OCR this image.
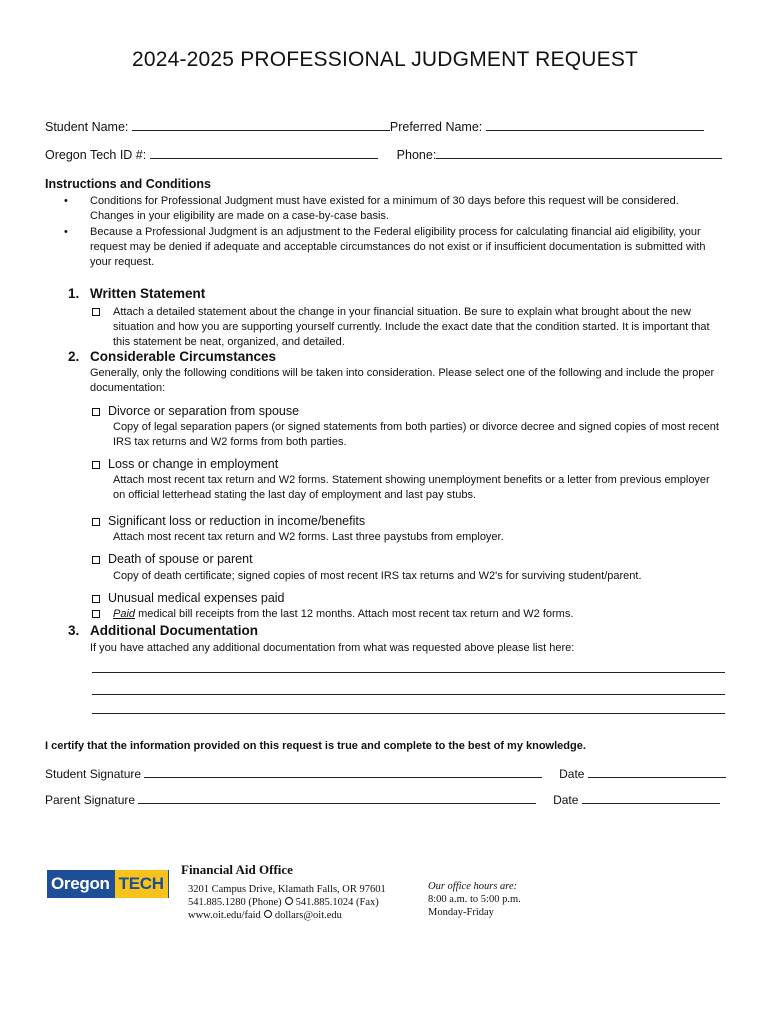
2024-2025 PROFESSIONAL JUDGMENT REQUEST
Student Name:	Preferred Name:
Oregon Tech ID #:	Phone:
Instructions and Conditions
• Conditions for Professional Judgment must have existed for a minimum of 30 days before this request will be considered. Changes in your eligibility are made on a case-by-case basis.
• Because a Professional Judgment is an adjustment to the Federal eligibility process for calculating financial aid eligibility, your request may be denied if adequate and acceptable circumstances do not exist or if insufficient documentation is submitted with your request.
1. Written Statement
Attach a detailed statement about the change in your financial situation. Be sure to explain what brought about the new situation and how you are supporting yourself currently. Include the exact date that the condition started. It is important that this statement be neat, organized, and detailed.
2. Considerable Circumstances
Generally, only the following conditions will be taken into consideration. Please select one of the following and include the proper documentation:
Divorce or separation from spouse
Copy of legal separation papers (or signed statements from both parties) or divorce decree and signed copies of most recent IRS tax returns and W2 forms from both parties.
Loss or change in employment
Attach most recent tax return and W2 forms. Statement showing unemployment benefits or a letter from previous employer on official letterhead stating the last day of employment and last pay stubs.
Significant loss or reduction in income/benefits
Attach most recent tax return and W2 forms. Last three paystubs from employer.
Death of spouse or parent
Copy of death certificate; signed copies of most recent IRS tax returns and W2's for surviving student/parent.
Unusual medical expenses paid
Paid medical bill receipts from the last 12 months. Attach most recent tax return and W2 forms.
3. Additional Documentation
If you have attached any additional documentation from what was requested above please list here:
I certify that the information provided on this request is true and complete to the best of my knowledge.
Student Signature	Date
Parent Signature	Date
Oregon TECH
Financial Aid Office
3201 Campus Drive, Klamath Falls, OR 97601
541.885.1280 (Phone) 541.885.1024 (Fax)
www.oit.edu/faid dollars@oit.edu
Our office hours are:
8:00 a.m. to 5:00 p.m.
Monday-Friday
